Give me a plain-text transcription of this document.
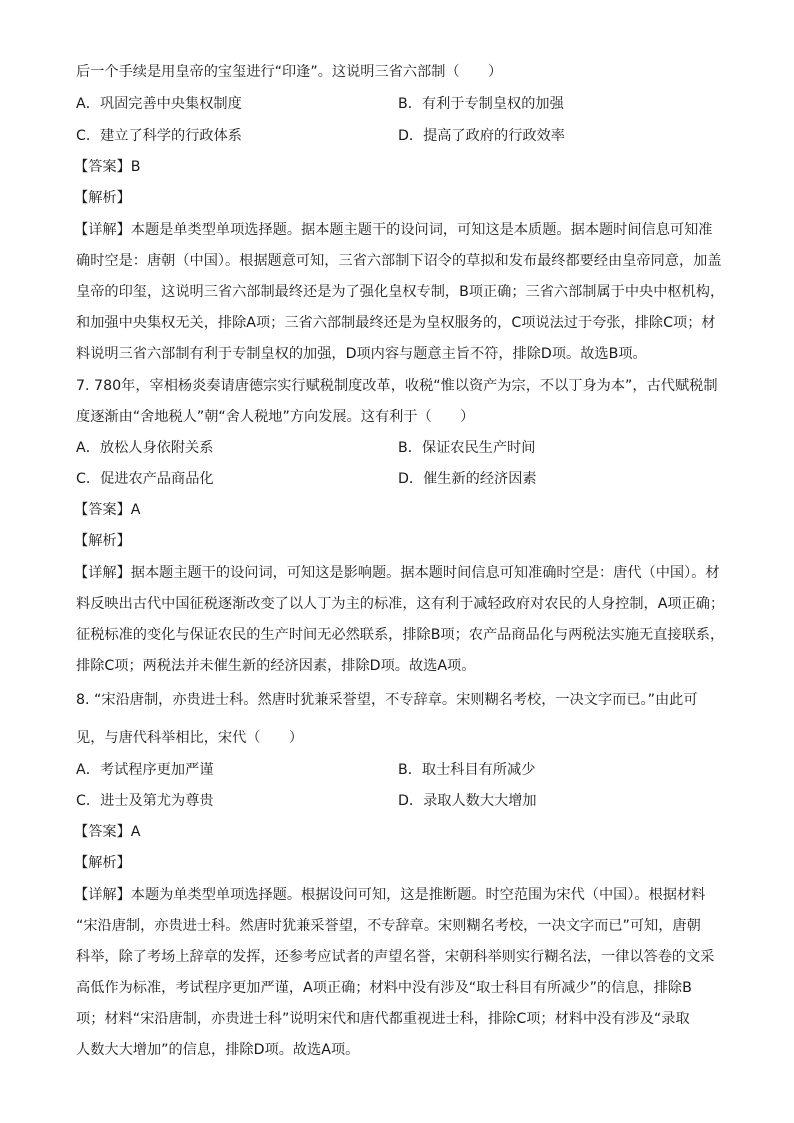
后一个手续是用皇帝的宝玺进行“印逢”。这说明三省六部制（　　）
A．巩固完善中央集权制度	B．有利于专制皇权的加强
C．建立了科学的行政体系	D．提高了政府的行政效率
【答案】B
【解析】
【详解】本题是单类型单项选择题。据本题主题干的设问词，可知这是本质题。据本题时间信息可知准
确时空是：唐朝（中国）。根据题意可知，三省六部制下诏令的草拟和发布最终都要经由皇帝同意，加盖
皇帝的印玺，这说明三省六部制最终还是为了强化皇权专制，B项正确；三省六部制属于中央中枢机构，
和加强中央集权无关，排除A项；三省六部制最终还是为皇权服务的，C项说法过于夸张，排除C项；材
料说明三省六部制有利于专制皇权的加强，D项内容与题意主旨不符，排除D项。故选B项。
7. 780年，宰相杨炎奏请唐德宗实行赋税制度改革，收税“惟以资产为宗，不以丁身为本”，古代赋税制
度逐渐由“舍地税人”朝“舍人税地”方向发展。这有利于（　　）
A．放松人身依附关系	B．保证农民生产时间
C．促进农产品商品化	D．催生新的经济因素
【答案】A
【解析】
【详解】据本题主题干的设问词，可知这是影响题。据本题时间信息可知准确时空是：唐代（中国）。材
料反映出古代中国征税逐渐改变了以人丁为主的标准，这有利于减轻政府对农民的人身控制，A项正确；
征税标准的变化与保证农民的生产时间无必然联系，排除B项；农产品商品化与两税法实施无直接联系，
排除C项；两税法并未催生新的经济因素，排除D项。故选A项。
8. “宋沿唐制，亦贵进士科。然唐时犹兼采誉望，不专辞章。宋则糊名考校，一决文字而已。”由此可
见，与唐代科举相比，宋代（　　）
A．考试程序更加严谨	B．取士科目有所减少
C．进士及第尤为尊贵	D．录取人数大大增加
【答案】A
【解析】
【详解】本题为单类型单项选择题。根据设问可知，这是推断题。时空范围为宋代（中国）。根据材料
“宋沿唐制，亦贵进士科。然唐时犹兼采誉望，不专辞章。宋则糊名考校，一决文字而已”可知，唐朝
科举，除了考场上辞章的发挥，还参考应试者的声望名誉，宋朝科举则实行糊名法，一律以答卷的文采
高低作为标准，考试程序更加严谨，A项正确；材料中没有涉及“取士科目有所减少”的信息，排除B
项；材料“宋沿唐制，亦贵进士科”说明宋代和唐代都重视进士科，排除C项；材料中没有涉及“录取
人数大大增加”的信息，排除D项。故选A项。
